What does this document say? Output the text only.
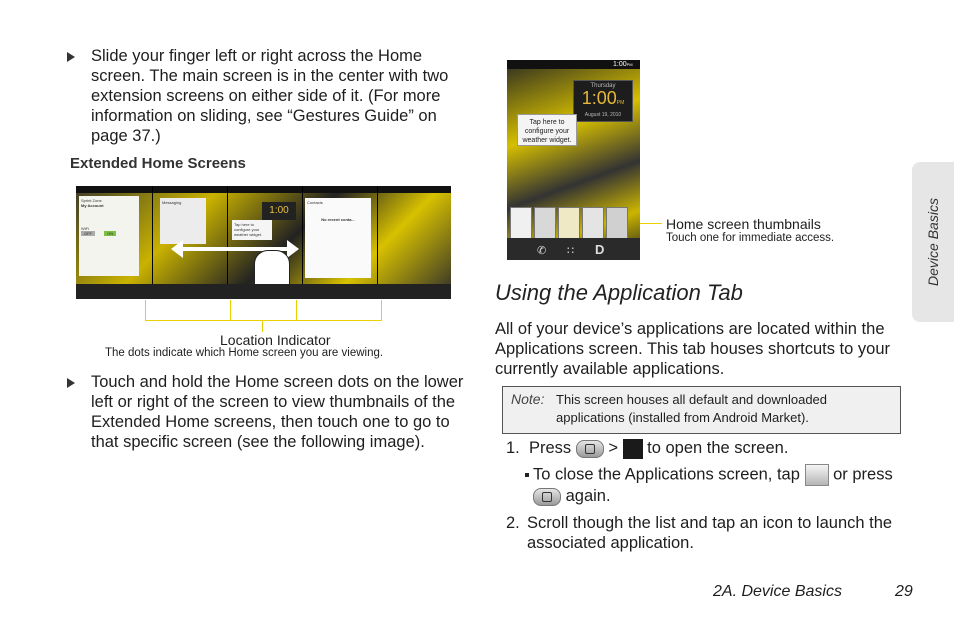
Slide your finger left or right across the Home screen. The main screen is in the center with two extension screens on either side of it. (For more information on sliding, see “Gestures Guide” on page 37.)
Extended Home Screens
Sprint Zone
My Account
WiFi
OFF	ON
Messaging
1:00
Tap here to configure your weather widget.
Contacts
No recent conta...
Location Indicator
The dots indicate which Home screen you are viewing.
Touch and hold the Home screen dots on the lower left or right of the screen to view thumbnails of the Extended Home screens, then touch one to go to that specific screen (see the following image).
1:00PM
Thursday
1:00PM
August 19, 2010
Tap here to configure your weather widget.
✆ ∷ D
Home screen thumbnails
Touch one for immediate access.
Using the Application Tab
All of your device’s applications are located within the Applications screen. This tab houses shortcuts to your currently available applications.
Note: This screen houses all default and downloaded applications (installed from Android Market).
1. Press > to open the screen.
To close the Applications screen, tap or press
again.
2. Scroll though the list and tap an icon to launch the associated application.
Device Basics
2A. Device Basics	29
